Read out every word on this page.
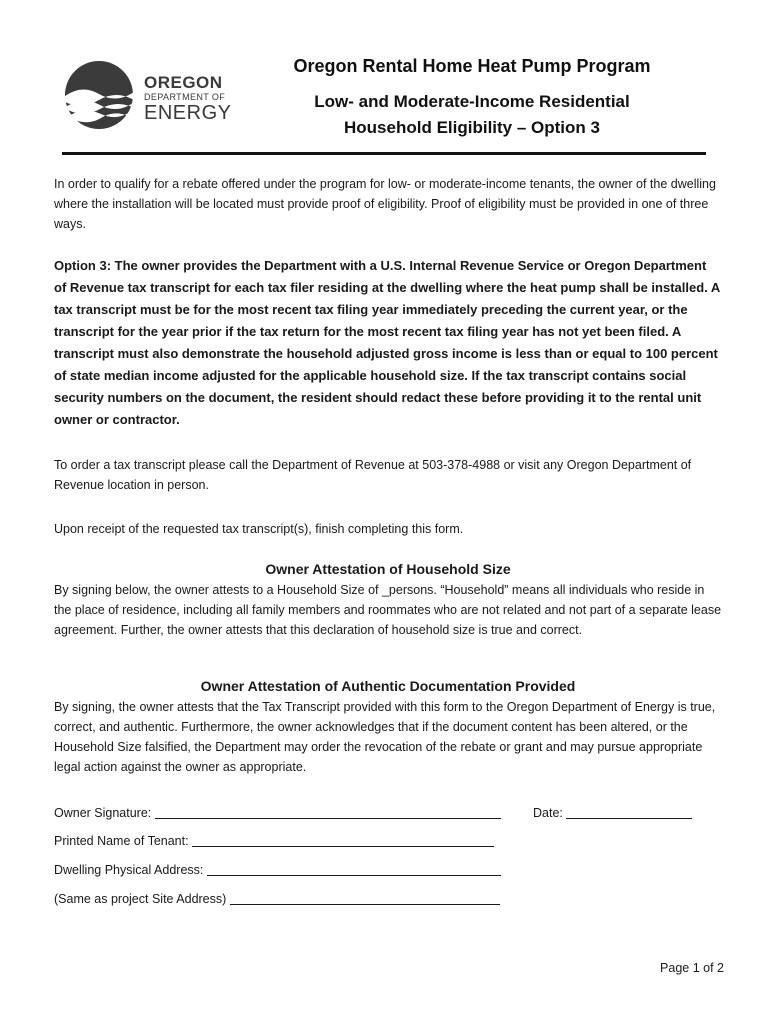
OREGON
DEPARTMENT OF
ENERGY
Oregon Rental Home Heat Pump Program
Low- and Moderate-Income Residential
Household Eligibility – Option 3
In order to qualify for a rebate offered under the program for low- or moderate-income tenants, the owner of the dwelling where the installation will be located must provide proof of eligibility. Proof of eligibility must be provided in one of three ways.
Option 3: The owner provides the Department with a U.S. Internal Revenue Service or Oregon Department of Revenue tax transcript for each tax filer residing at the dwelling where the heat pump shall be installed. A tax transcript must be for the most recent tax filing year immediately preceding the current year, or the transcript for the year prior if the tax return for the most recent tax filing year has not yet been filed. A transcript must also demonstrate the household adjusted gross income is less than or equal to 100 percent of state median income adjusted for the applicable household size. If the tax transcript contains social security numbers on the document, the resident should redact these before providing it to the rental unit owner or contractor.
To order a tax transcript please call the Department of Revenue at 503-378-4988 or visit any Oregon Department of Revenue location in person.
Upon receipt of the requested tax transcript(s), finish completing this form.
Owner Attestation of Household Size
By signing below, the owner attests to a Household Size of _persons. “Household” means all individuals who reside in the place of residence, including all family members and roommates who are not related and not part of a separate lease agreement. Further, the owner attests that this declaration of household size is true and correct.
Owner Attestation of Authentic Documentation Provided
By signing, the owner attests that the Tax Transcript provided with this form to the Oregon Department of Energy is true, correct, and authentic. Furthermore, the owner acknowledges that if the document content has been altered, or the Household Size falsified, the Department may order the revocation of the rebate or grant and may pursue appropriate legal action against the owner as appropriate.
Owner Signature:	Date:
Printed Name of Tenant:
Dwelling Physical Address:
(Same as project Site Address)
Page 1 of 2
